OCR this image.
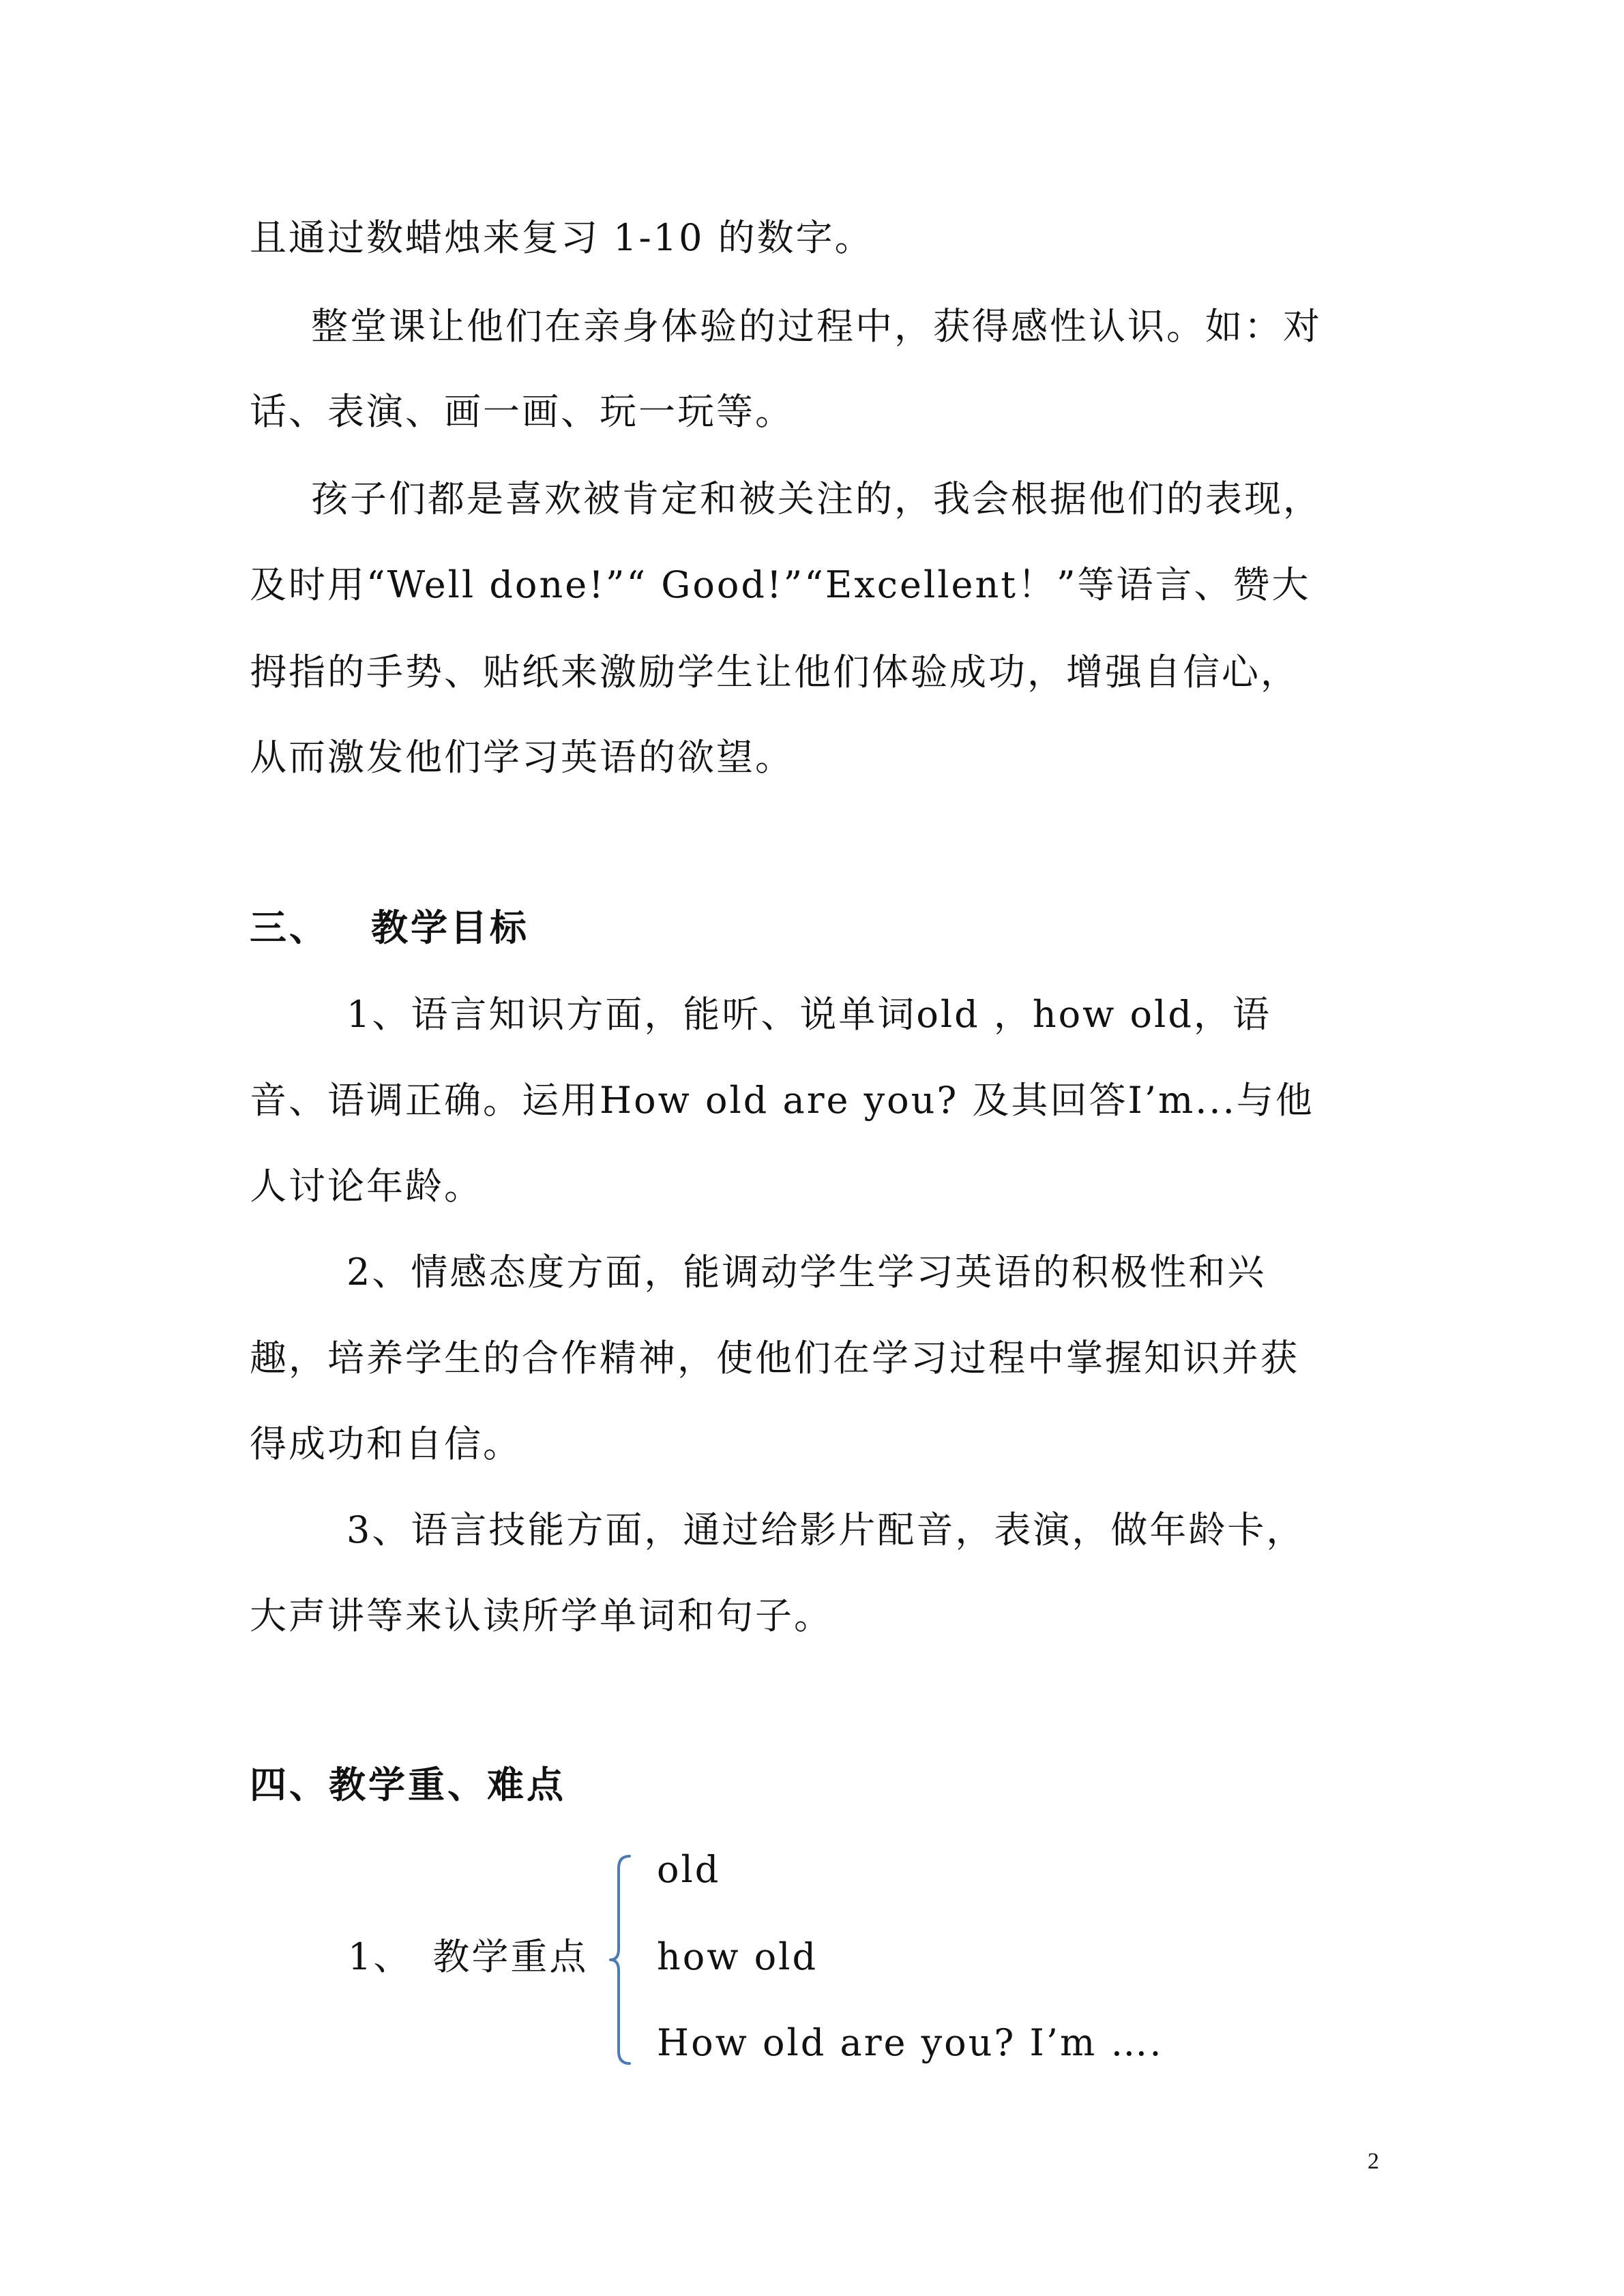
且通过数蜡烛来复习 1-10 的数字。
整堂课让他们在亲身体验的过程中，获得感性认识。如：对
话、表演、画一画、玩一玩等。
孩子们都是喜欢被肯定和被关注的，我会根据他们的表现，
及时用“Well done!”“ Good!”“Excellent！”等语言、赞大
拇指的手势、贴纸来激励学生让他们体验成功，增强自信心，
从而激发他们学习英语的欲望。
三、 教学目标
1、语言知识方面，能听、说单词old ，how old，语
音、语调正确。运用How old are you? 及其回答I’m...与他
人讨论年龄。
2、情感态度方面，能调动学生学习英语的积极性和兴
趣，培养学生的合作精神，使他们在学习过程中掌握知识并获
得成功和自信。
3、语言技能方面，通过给影片配音，表演，做年龄卡，
大声讲等来认读所学单词和句子。
四、教学重、难点
1、 教学重点
old
how old
How old are you? I’m ….​
2
